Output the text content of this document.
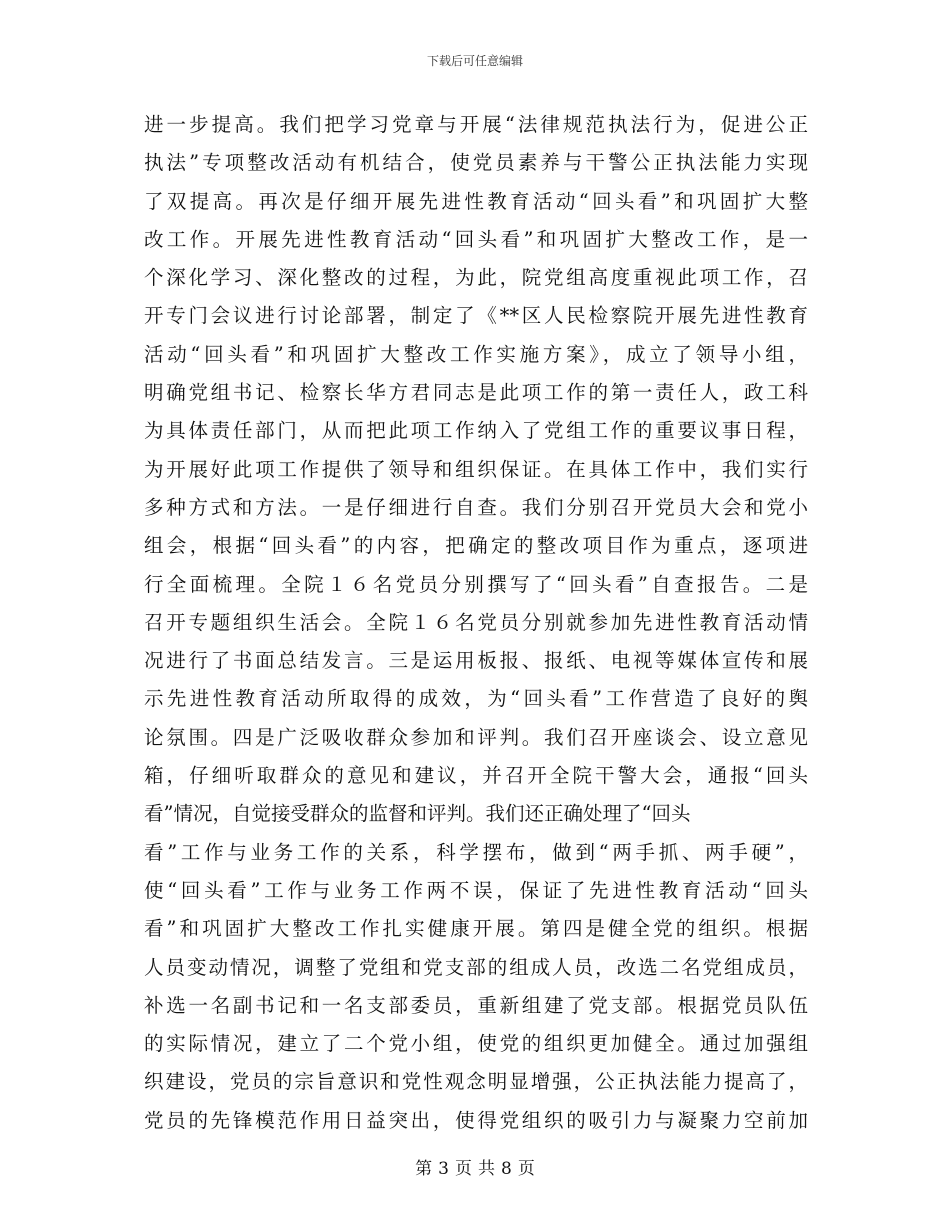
下载后可任意编辑
进一步提高。我们把学习党章与开展“法律规范执法行为，促进公正
执法”专项整改活动有机结合，使党员素养与干警公正执法能力实现
了双提高。再次是仔细开展先进性教育活动“回头看”和巩固扩大整
改工作。开展先进性教育活动“回头看”和巩固扩大整改工作，是一
个深化学习、深化整改的过程，为此，院党组高度重视此项工作，召
开专门会议进行讨论部署，制定了《**区人民检察院开展先进性教育
活动“回头看”和巩固扩大整改工作实施方案》，成立了领导小组，
明确党组书记、检察长华方君同志是此项工作的第一责任人，政工科
为具体责任部门，从而把此项工作纳入了党组工作的重要议事日程，
为开展好此项工作提供了领导和组织保证。在具体工作中，我们实行
多种方式和方法。一是仔细进行自查。我们分别召开党员大会和党小
组会，根据“回头看”的内容，把确定的整改项目作为重点，逐项进
行全面梳理。全院１６名党员分别撰写了“回头看”自查报告。二是
召开专题组织生活会。全院１６名党员分别就参加先进性教育活动情
况进行了书面总结发言。三是运用板报、报纸、电视等媒体宣传和展
示先进性教育活动所取得的成效，为“回头看”工作营造了良好的舆
论氛围。四是广泛吸收群众参加和评判。我们召开座谈会、设立意见
箱，仔细听取群众的意见和建议，并召开全院干警大会，通报“回头
看”情况，自觉接受群众的监督和评判。我们还正确处理了“回头
看”工作与业务工作的关系，科学摆布，做到“两手抓、两手硬”，
使“回头看”工作与业务工作两不误，保证了先进性教育活动“回头
看”和巩固扩大整改工作扎实健康开展。第四是健全党的组织。根据
人员变动情况，调整了党组和党支部的组成人员，改选二名党组成员，
补选一名副书记和一名支部委员，重新组建了党支部。根据党员队伍
的实际情况，建立了二个党小组，使党的组织更加健全。通过加强组
织建设，党员的宗旨意识和党性观念明显增强，公正执法能力提高了，
党员的先锋模范作用日益突出，使得党组织的吸引力与凝聚力空前加
第 3 页 共 8 页
